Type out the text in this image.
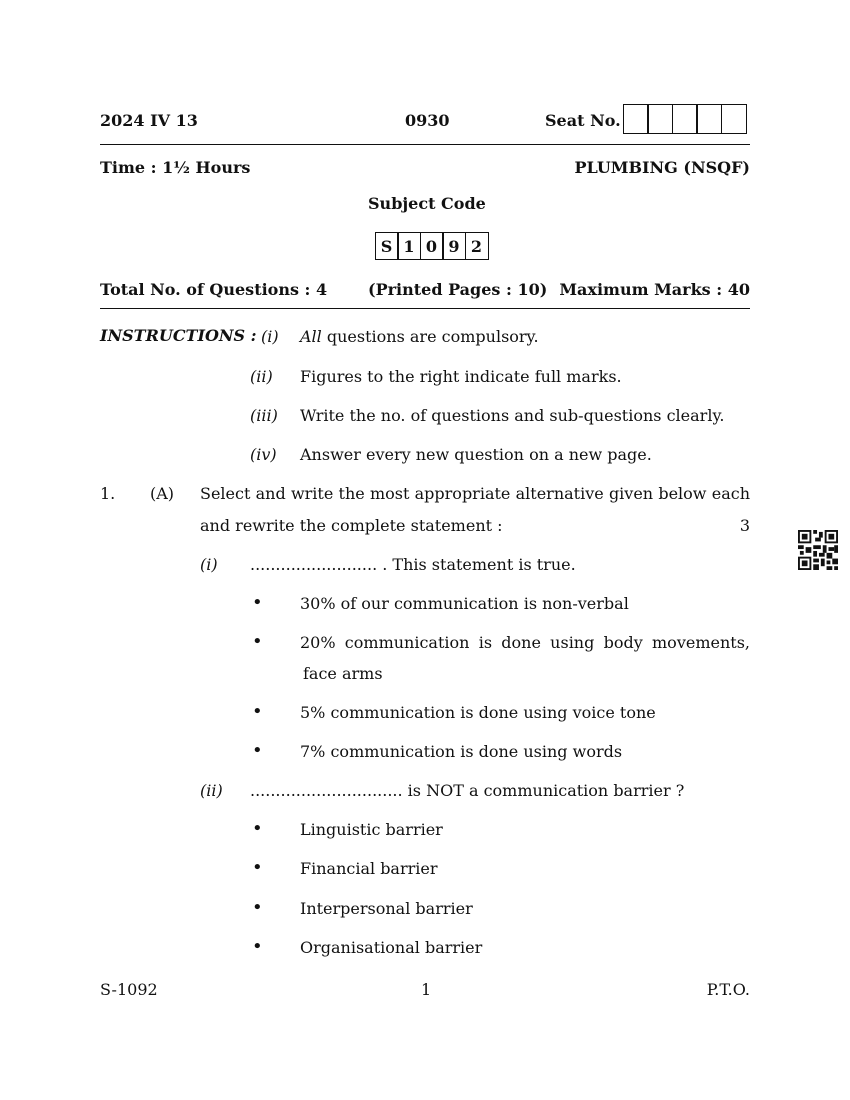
2024 IV 13	0930	Seat No.
Time : 1½ Hours	PLUMBING (NSQF)
Subject Code
S 1 0 9 2
Total No. of Questions : 4	(Printed Pages : 10) Maximum Marks : 40
INSTRUCTIONS : (i) All questions are compulsory.
(ii) Figures to the right indicate full marks.
(iii) Write the no. of questions and sub-questions clearly.
(iv) Answer every new question on a new page.
1. (A) Select and write the most appropriate alternative given below each
and rewrite the complete statement :	3
(i) ......................... . This statement is true.
• 30% of our communication is non-verbal
• 20% communication is done using body movements,
face arms
• 5% communication is done using voice tone
• 7% communication is done using words
(ii) .............................. is NOT a communication barrier ?
• Linguistic barrier
• Financial barrier
• Interpersonal barrier
• Organisational barrier
S-1092	1	P.T.O.
